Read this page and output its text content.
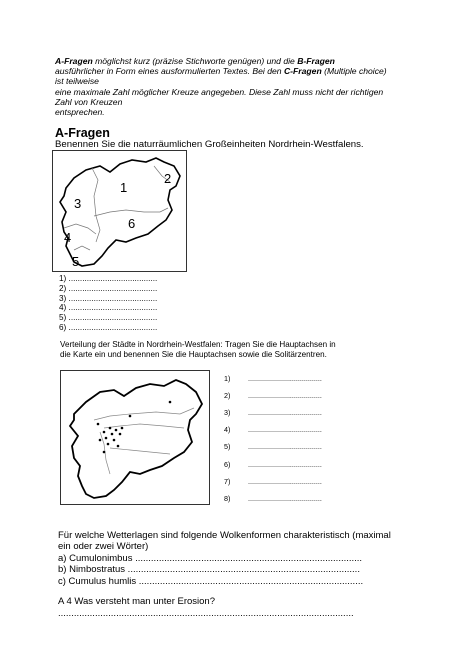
A-Fragen möglichst kurz (präzise Stichworte genügen) und die B-Fragen
ausführlicher in Form eines ausformulierten Textes. Bei den C-Fragen (Multiple choice)
ist teilweise
eine maximale Zahl möglicher Kreuze angegeben. Diese Zahl muss nicht der richtigen
Zahl von Kreuzen
entsprechen.
A-Fragen
Benennen Sie die naturräumlichen Großeinheiten Nordrhein-Westfalens.
1
2
3
4
5
6
1) .......................................
2) .......................................
3) .......................................
4) .......................................
5) .......................................
6) .......................................
Verteilung der Städte in Nordrhein-Westfalen: Tragen Sie die Hauptachsen in
die Karte ein und benennen Sie die Hauptachsen sowie die Solitärzentren.
1) .....................................
2) .....................................
3) .....................................
4) .....................................
5) .....................................
6) .....................................
7) .....................................
8) .....................................
Für welche Wetterlagen sind folgende Wolkenformen charakteristisch (maximal
ein oder zwei Wörter)
a) Cumulonimbus ......................................................................................
b) Nimbostratus ........................................................................................
c) Cumulus humlis .....................................................................................
A 4 Was versteht man unter Erosion?
................................................................................................................
